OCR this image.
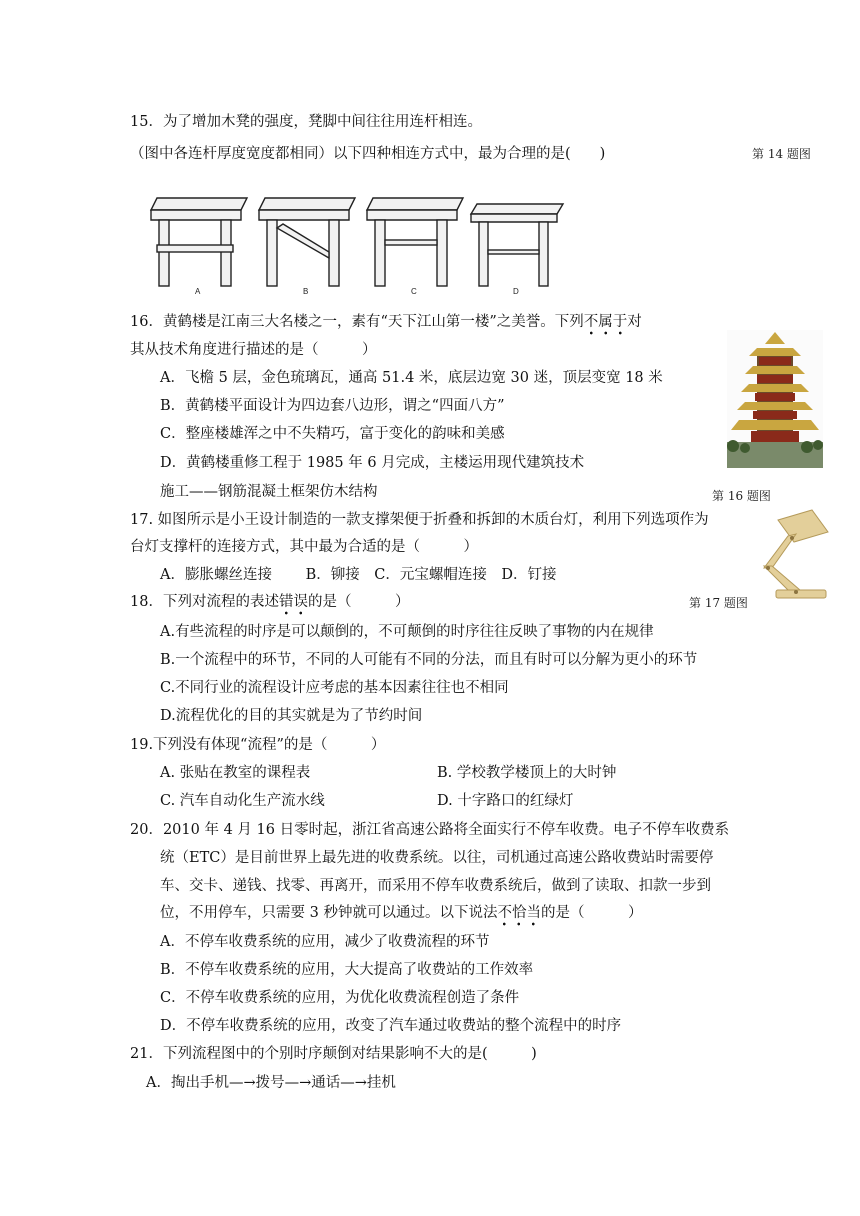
15．为了增加木凳的强度，凳脚中间往往用连杆相连。
（图中各连杆厚度宽度都相同）以下四种相连方式中，最为合理的是(　　)	第 14 题图
A	B	C	D
16．黄鹤楼是江南三大名楼之一，素有“天下江山第一楼”之美誉。下列不属于对
其从技术角度进行描述的是（　　　）
A．飞檐 5 层，金色琉璃瓦，通高 51.4 米，底层边宽 30 迷，顶层变宽 18 米
B．黄鹤楼平面设计为四边套八边形，谓之“四面八方”
C．整座楼雄浑之中不失精巧，富于变化的韵味和美感
D．黄鹤楼重修工程于 1985 年 6 月完成，主楼运用现代建筑技术
施工——钢筋混凝土框架仿木结构	第 16 题图
17. 如图所示是小王设计制造的一款支撑架便于折叠和拆卸的木质台灯，利用下列选项作为
台灯支撑杆的连接方式，其中最为合适的是（　　　）
A．膨胀螺丝连接　　 B．铆接　C．元宝螺帽连接　D．钉接
第 17 题图
18．下列对流程的表述错误的是（　　　）
A.有些流程的时序是可以颠倒的，不可颠倒的时序往往反映了事物的内在规律
B.一个流程中的环节，不同的人可能有不同的分法，而且有时可以分解为更小的环节
C.不同行业的流程设计应考虑的基本因素往往也不相同
D.流程优化的目的其实就是为了节约时间
19.下列没有体现“流程”的是（　　　）
A. 张贴在教室的课程表	B. 学校教学楼顶上的大时钟
C. 汽车自动化生产流水线	D. 十字路口的红绿灯
20．2010 年 4 月 16 日零时起，浙江省高速公路将全面实行不停车收费。电子不停车收费系
统（ETC）是目前世界上最先进的收费系统。以往，司机通过高速公路收费站时需要停
车、交卡、递钱、找零、再离开，而采用不停车收费系统后，做到了读取、扣款一步到
位，不用停车，只需要 3 秒钟就可以通过。以下说法不恰当的是（　　　）
A．不停车收费系统的应用，减少了收费流程的环节
B．不停车收费系统的应用，大大提高了收费站的工作效率
C．不停车收费系统的应用，为优化收费流程创造了条件
D．不停车收费系统的应用，改变了汽车通过收费站的整个流程中的时序
21．下列流程图中的个别时序颠倒对结果影响不大的是(　　　)
A．掏出手机—→拨号—→通话—→挂机
